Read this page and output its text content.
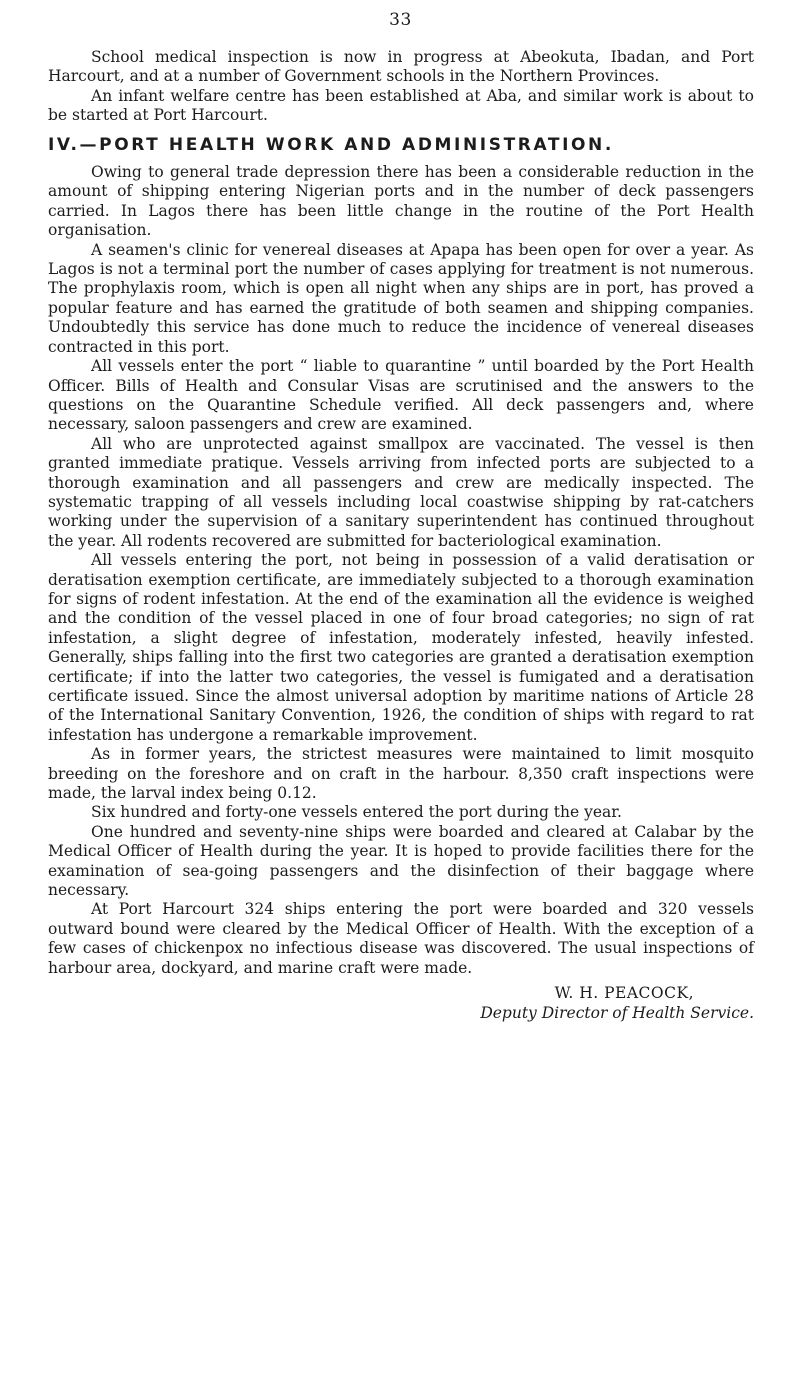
33

School medical inspection is now in progress at Abeokuta, Ibadan, and Port Harcourt, and at a number of Government schools in the Northern Provinces.

An infant welfare centre has been established at Aba, and similar work is about to be started at Port Harcourt.

IV.—PORT HEALTH WORK AND ADMINISTRATION.

Owing to general trade depression there has been a considerable reduction in the amount of shipping entering Nigerian ports and in the number of deck passengers carried. In Lagos there has been little change in the routine of the Port Health organisation.

A seamen's clinic for venereal diseases at Apapa has been open for over a year. As Lagos is not a terminal port the number of cases applying for treatment is not numerous. The prophylaxis room, which is open all night when any ships are in port, has proved a popular feature and has earned the gratitude of both seamen and shipping companies. Undoubtedly this service has done much to reduce the incidence of venereal diseases contracted in this port.

All vessels enter the port “ liable to quarantine ” until boarded by the Port Health Officer. Bills of Health and Consular Visas are scrutinised and the answers to the questions on the Quarantine Schedule verified. All deck passengers and, where necessary, saloon passengers and crew are examined.

All who are unprotected against smallpox are vaccinated. The vessel is then granted immediate pratique. Vessels arriving from infected ports are subjected to a thorough examination and all passengers and crew are medically inspected. The systematic trapping of all vessels including local coastwise shipping by rat-catchers working under the supervision of a sanitary superintendent has continued throughout the year. All rodents recovered are submitted for bacteriological examination.

All vessels entering the port, not being in possession of a valid deratisation or deratisation exemption certificate, are immediately subjected to a thorough examination for signs of rodent infestation. At the end of the examination all the evidence is weighed and the condition of the vessel placed in one of four broad categories; no sign of rat infestation, a slight degree of infestation, moderately infested, heavily infested. Generally, ships falling into the first two categories are granted a deratisation exemption certificate; if into the latter two categories, the vessel is fumigated and a deratisation certificate issued. Since the almost universal adoption by maritime nations of Article 28 of the International Sanitary Convention, 1926, the condition of ships with regard to rat infestation has undergone a remarkable improvement.

As in former years, the strictest measures were maintained to limit mosquito breeding on the foreshore and on craft in the harbour. 8,350 craft inspections were made, the larval index being 0.12.

Six hundred and forty-one vessels entered the port during the year.

One hundred and seventy-nine ships were boarded and cleared at Calabar by the Medical Officer of Health during the year. It is hoped to provide facilities there for the examination of sea-going passengers and the disinfection of their baggage where necessary.

At Port Harcourt 324 ships entering the port were boarded and 320 vessels outward bound were cleared by the Medical Officer of Health. With the exception of a few cases of chickenpox no infectious disease was discovered. The usual inspections of harbour area, dockyard, and marine craft were made.

W. H. PEACOCK,
Deputy Director of Health Service.
